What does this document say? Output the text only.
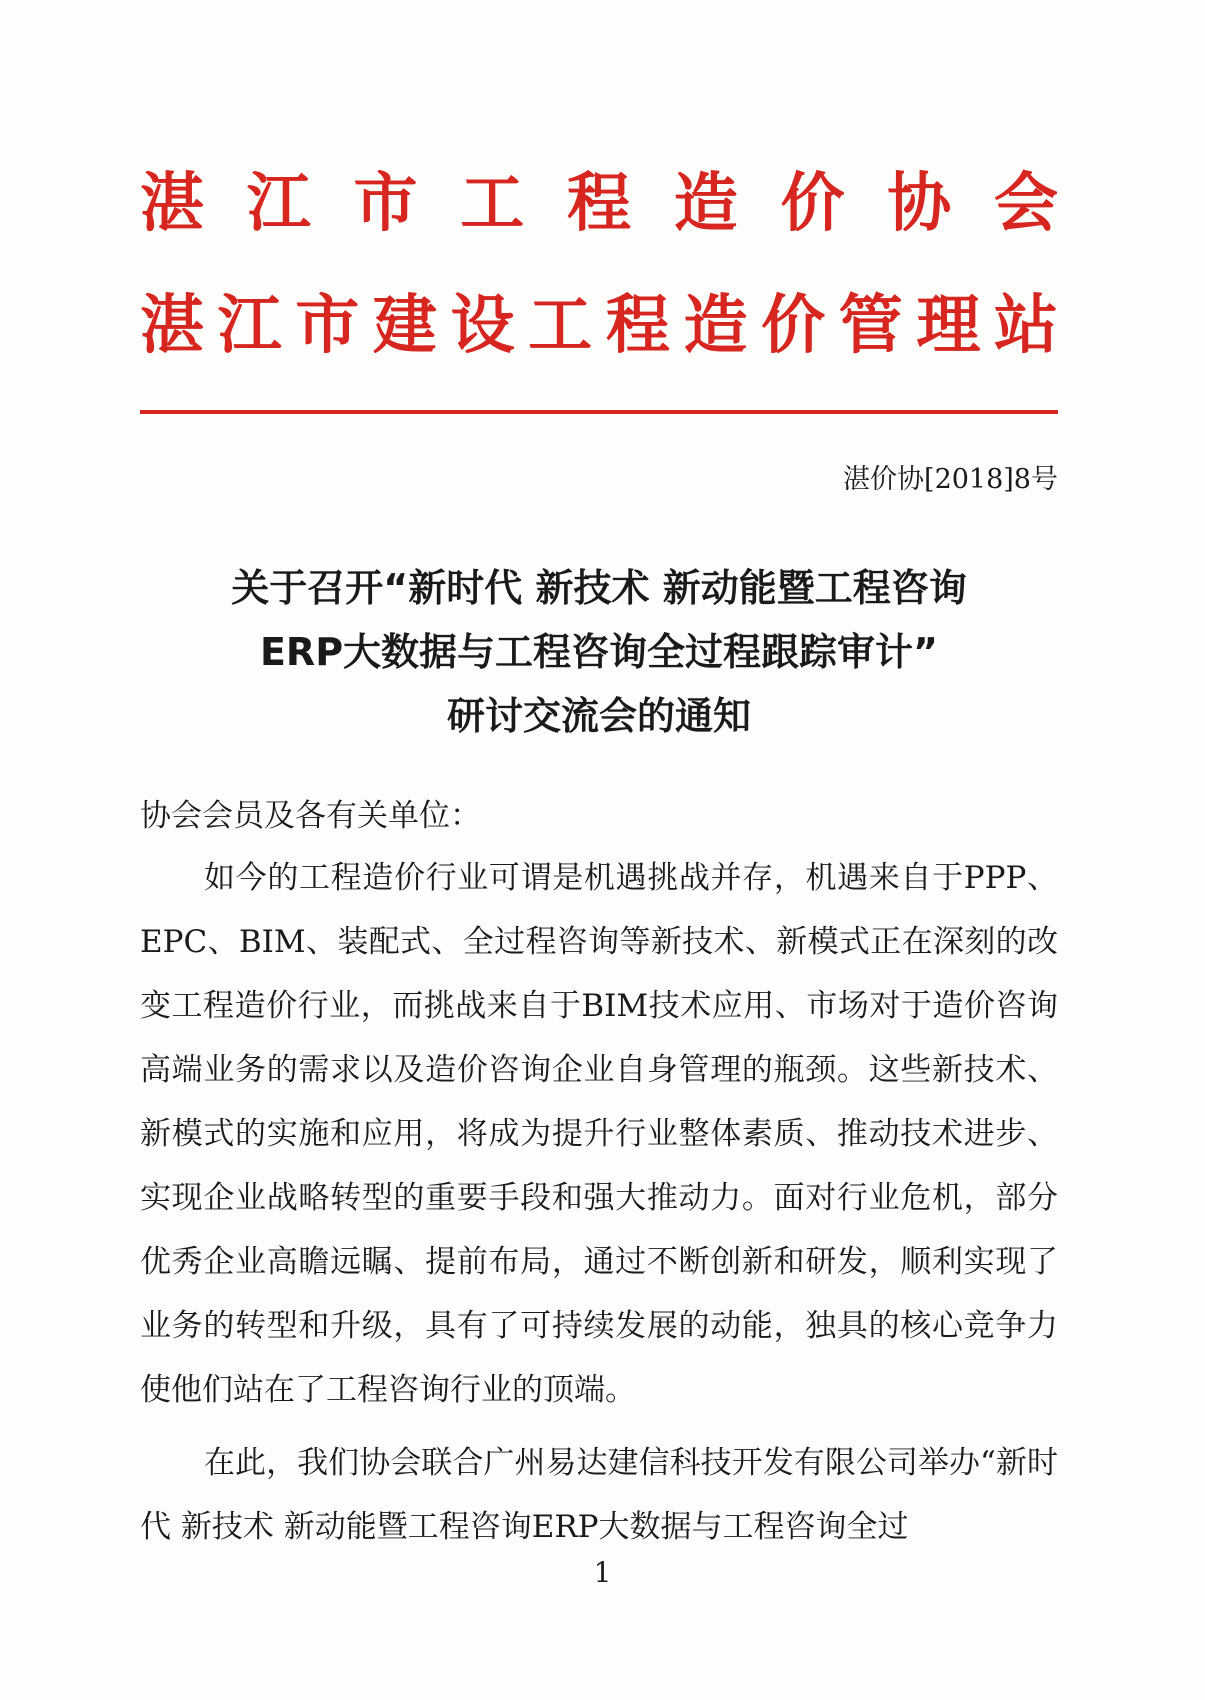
湛江市工程造价协会
湛江市建设工程造价管理站
湛价协[2018]8号
关于召开“新时代 新技术 新动能暨工程咨询
ERP大数据与工程咨询全过程跟踪审计”
研讨交流会的通知
协会会员及各有关单位：

如今的工程造价行业可谓是机遇挑战并存，机遇来自于PPP、EPC、BIM、装配式、全过程咨询等新技术、新模式正在深刻的改变工程造价行业，而挑战来自于BIM技术应用、市场对于造价咨询高端业务的需求以及造价咨询企业自身管理的瓶颈。这些新技术、新模式的实施和应用，将成为提升行业整体素质、推动技术进步、实现企业战略转型的重要手段和强大推动力。面对行业危机，部分优秀企业高瞻远瞩、提前布局，通过不断创新和研发，顺利实现了业务的转型和升级，具有了可持续发展的动能，独具的核心竞争力使他们站在了工程咨询行业的顶端。

在此，我们协会联合广州易达建信科技开发有限公司举办“新时代 新技术 新动能暨工程咨询ERP大数据与工程咨询全过

1
